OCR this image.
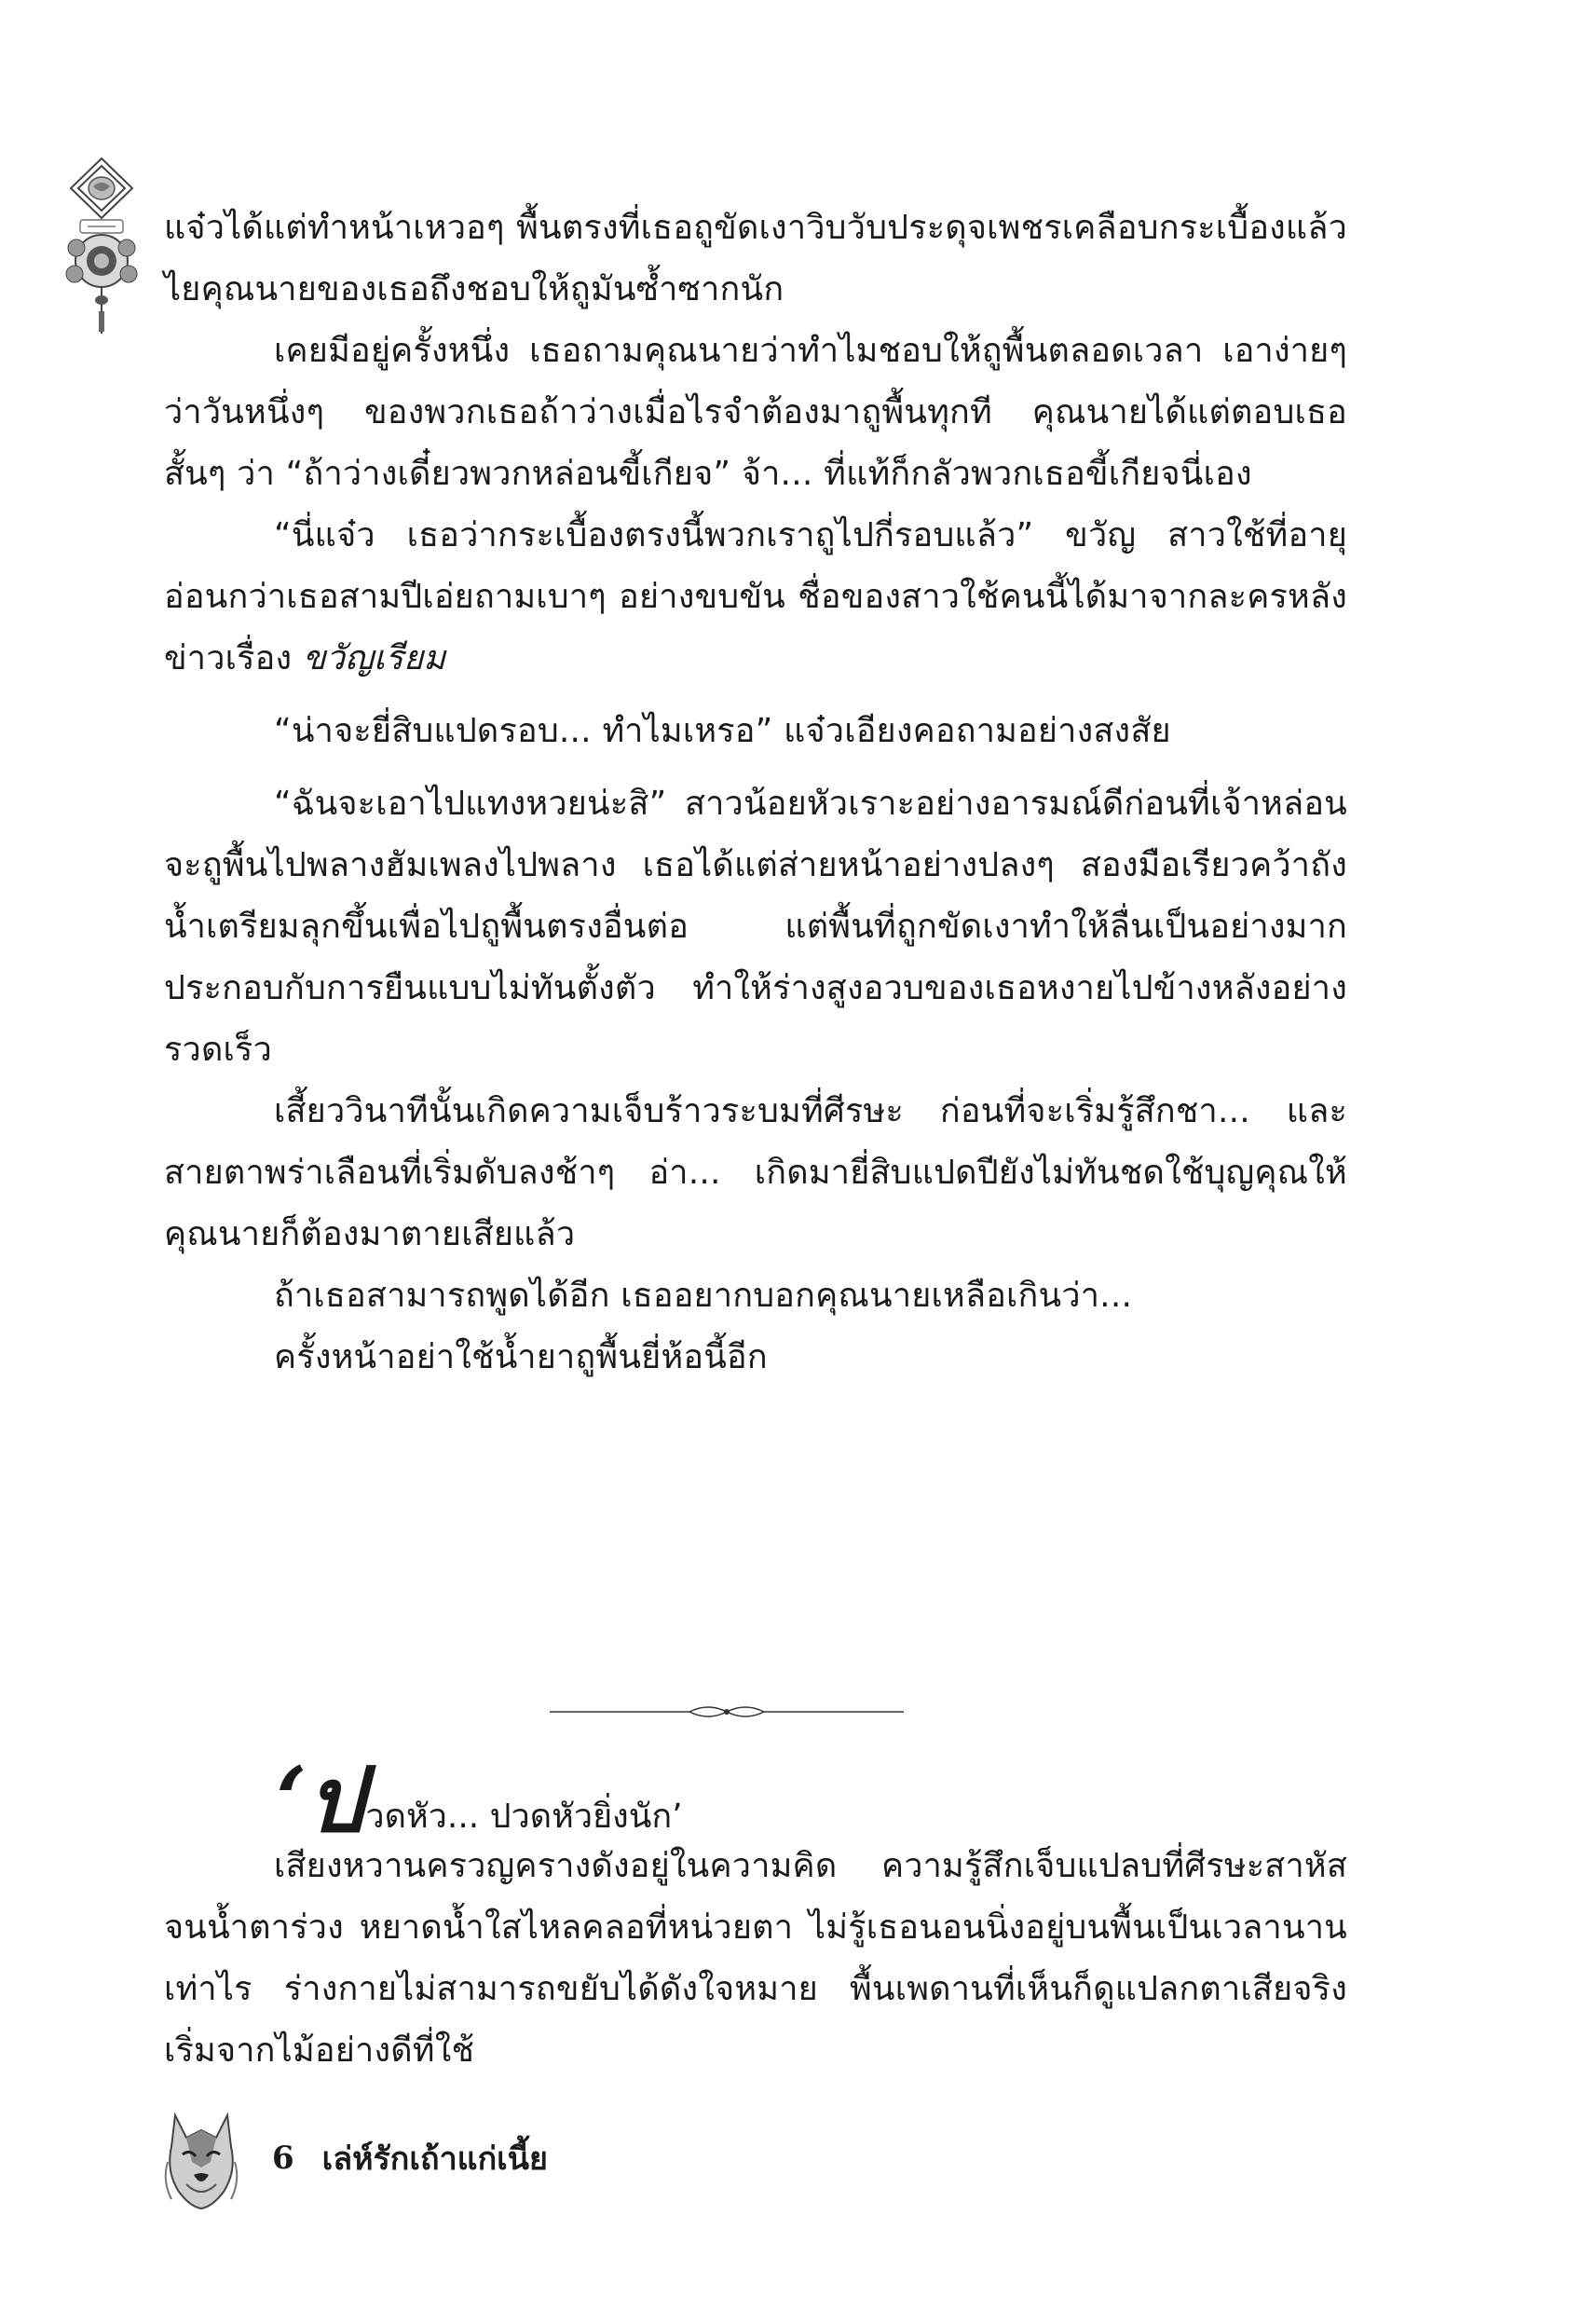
แจ๋วได้แต่ทำหน้าเหวอๆ พื้นตรงที่เธอถูขัดเงาวิบวับประดุจเพชรเคลือบกระเบื้องแล้ว ไยคุณนายของเธอถึงชอบให้ถูมันซ้ำซากนัก

เคยมีอยู่ครั้งหนึ่ง เธอถามคุณนายว่าทำไมชอบให้ถูพื้นตลอดเวลา เอาง่ายๆ ว่าวันหนึ่งๆ ของพวกเธอถ้าว่างเมื่อไรจำต้องมาถูพื้นทุกที คุณนายได้แต่ตอบเธอสั้นๆ ว่า “ถ้าว่างเดี๋ยวพวกหล่อนขี้เกียจ” จ้า... ที่แท้ก็กลัวพวกเธอขี้เกียจนี่เอง

“นี่แจ๋ว เธอว่ากระเบื้องตรงนี้พวกเราถูไปกี่รอบแล้ว” ขวัญ สาวใช้ที่อายุอ่อนกว่าเธอสามปีเอ่ยถามเบาๆ อย่างขบขัน ชื่อของสาวใช้คนนี้ได้มาจากละครหลังข่าวเรื่อง ขวัญเรียม

“น่าจะยี่สิบแปดรอบ... ทำไมเหรอ” แจ๋วเอียงคอถามอย่างสงสัย

“ฉันจะเอาไปแทงหวยน่ะสิ” สาวน้อยหัวเราะอย่างอารมณ์ดีก่อนที่เจ้าหล่อนจะถูพื้นไปพลางฮัมเพลงไปพลาง เธอได้แต่ส่ายหน้าอย่างปลงๆ สองมือเรียวคว้าถังน้ำเตรียมลุกขึ้นเพื่อไปถูพื้นตรงอื่นต่อ แต่พื้นที่ถูกขัดเงาทำให้ลื่นเป็นอย่างมาก ประกอบกับการยืนแบบไม่ทันตั้งตัว ทำให้ร่างสูงอวบของเธอหงายไปข้างหลังอย่างรวดเร็ว

เสี้ยววินาทีนั้นเกิดความเจ็บร้าวระบมที่ศีรษะ ก่อนที่จะเริ่มรู้สึกชา... และสายตาพร่าเลือนที่เริ่มดับลงช้าๆ อ่า... เกิดมายี่สิบแปดปียังไม่ทันชดใช้บุญคุณให้คุณนายก็ต้องมาตายเสียแล้ว

ถ้าเธอสามารถพูดได้อีก เธออยากบอกคุณนายเหลือเกินว่า...

ครั้งหน้าอย่าใช้น้ำยาถูพื้นยี่ห้อนี้อีก

‘ป วดหัว... ปวดหัวยิ่งนัก’

เสียงหวานครวญครางดังอยู่ในความคิด ความรู้สึกเจ็บแปลบที่ศีรษะสาหัสจนน้ำตาร่วง หยาดน้ำใสไหลคลอที่หน่วยตา ไม่รู้เธอนอนนิ่งอยู่บนพื้นเป็นเวลานานเท่าไร ร่างกายไม่สามารถขยับได้ดังใจหมาย พื้นเพดานที่เห็นก็ดูแปลกตาเสียจริง เริ่มจากไม้อย่างดีที่ใช้

6 เล่ห์รักเถ้าแก่เนี้ย
